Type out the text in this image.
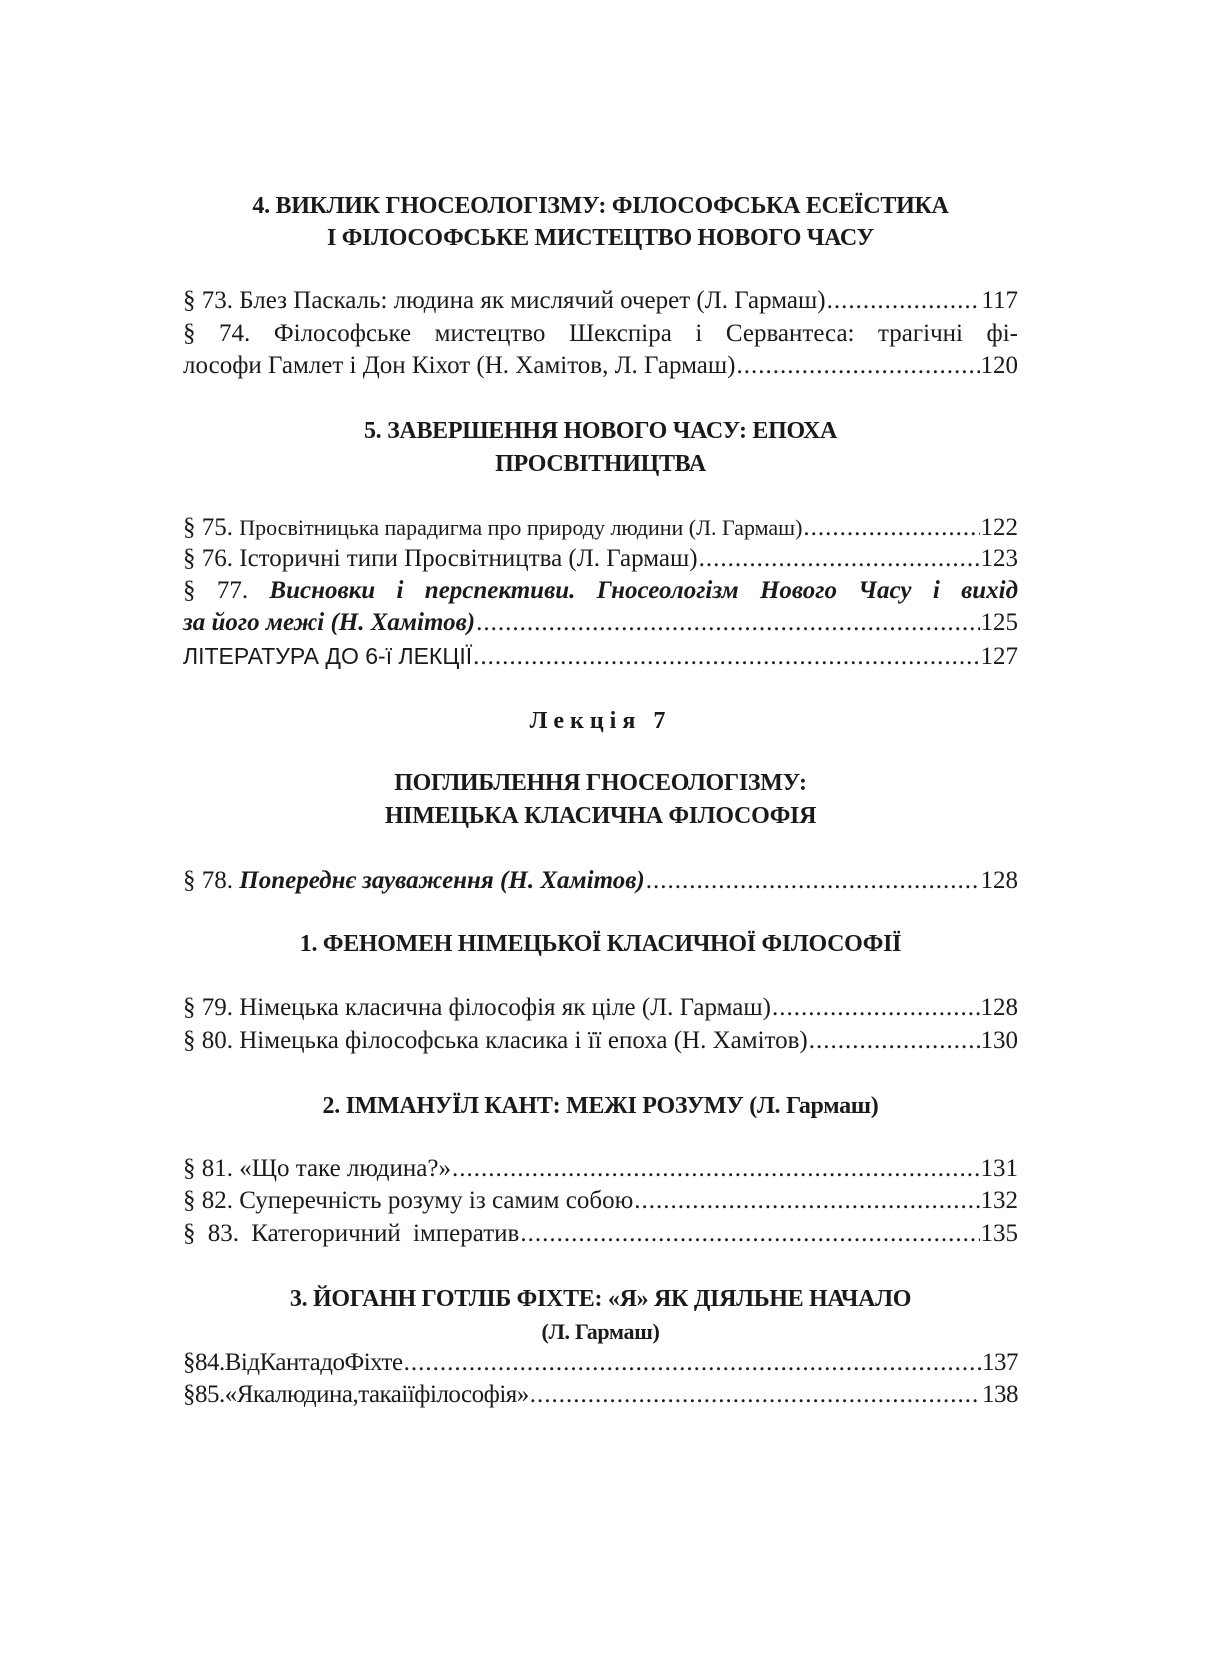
4. ВИКЛИК ГНОСЕОЛОГІЗМУ: ФІЛОСОФСЬКА ЕСЕЇСТИКА
І ФІЛОСОФСЬКЕ МИСТЕЦТВО НОВОГО ЧАСУ
§ 73. Блез Паскаль: людина як мислячий очерет (Л. Гармаш) .....	117
§ 74. Філософське мистецтво Шекспіра і Сервантеса: трагічні фі-
лософи Гамлет і Дон Кіхот (Н. Хамітов, Л. Гармаш) .....	120
5. ЗАВЕРШЕННЯ НОВОГО ЧАСУ: ЕПОХА
ПРОСВІТНИЦТВА
§ 75. Просвітницька парадигма про природу людини (Л. Гармаш) .....	122
§ 76. Історичні типи Просвітництва (Л. Гармаш) .....	123
§ 77. Висновки і перспективи. Гносеологізм Нового Часу і вихід
за його межі (Н. Хамітов) .....	125
ЛІТЕРАТУРА ДО 6-ї ЛЕКЦІЇ .....	127
Лекція 7
ПОГЛИБЛЕННЯ ГНОСЕОЛОГІЗМУ:
НІМЕЦЬКА КЛАСИЧНА ФІЛОСОФІЯ
§ 78. Попереднє зауваження (Н. Хамітов) .....	128
1. ФЕНОМЕН НІМЕЦЬКОЇ КЛАСИЧНОЇ ФІЛОСОФІЇ
§ 79. Німецька класична філософія як ціле (Л. Гармаш) .....	128
§ 80. Німецька філософська класика і її епоха (Н. Хамітов) .....	130
2. ІММАНУЇЛ КАНТ: МЕЖІ РОЗУМУ (Л. Гармаш)
§ 81. «Що таке людина?» .....	131
§ 82. Суперечність розуму із самим собою .....	132
§ 83. Категоричний імператив .....	135
3. ЙОГАНН ГОТЛІБ ФІХТЕ: «Я» ЯК ДІЯЛЬНЕ НАЧАЛО
(Л. Гармаш)
§84.ВідКантадоФіхте .....	137
§85.«Якалюдина,такаіїфілософія» .....	138
